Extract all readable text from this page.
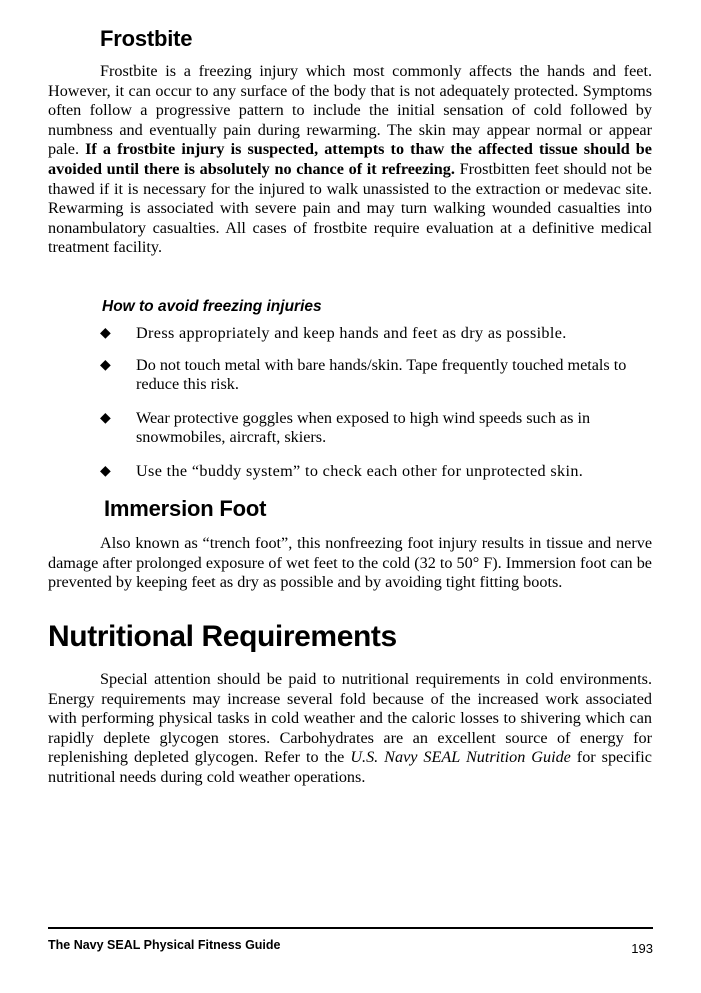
Frostbite

Frostbite is a freezing injury which most commonly affects the hands and feet. However, it can occur to any surface of the body that is not adequately protected. Symptoms often follow a progressive pattern to include the initial sensation of cold followed by numbness and eventually pain during rewarming. The skin may appear normal or appear pale. If a frostbite injury is suspected, attempts to thaw the affected tissue should be avoided until there is absolutely no chance of it refreezing. Frostbitten feet should not be thawed if it is necessary for the injured to walk unassisted to the extraction or medevac site. Rewarming is associated with severe pain and may turn walking wounded casualties into nonambulatory casualties. All cases of frostbite require evaluation at a definitive medical treatment facility.

How to avoid freezing injuries
◆	Dress appropriately and keep hands and feet as dry as possible.
◆	Do not touch metal with bare hands/skin. Tape frequently touched metals to reduce this risk.
◆	Wear protective goggles when exposed to high wind speeds such as in snowmobiles, aircraft, skiers.
◆	Use the “buddy system” to check each other for unprotected skin.
Immersion Foot

Also known as “trench foot”, this nonfreezing foot injury results in tissue and nerve damage after prolonged exposure of wet feet to the cold (32 to 50° F). Immersion foot can be prevented by keeping feet as dry as possible and by avoiding tight fitting boots.

Nutritional Requirements

Special attention should be paid to nutritional requirements in cold environments. Energy requirements may increase several fold because of the increased work associated with performing physical tasks in cold weather and the caloric losses to shivering which can rapidly deplete glycogen stores. Carbohydrates are an excellent source of energy for replenishing depleted glycogen. Refer to the U.S. Navy SEAL Nutrition Guide for specific nutritional needs during cold weather operations.

The Navy SEAL Physical Fitness Guide	193
